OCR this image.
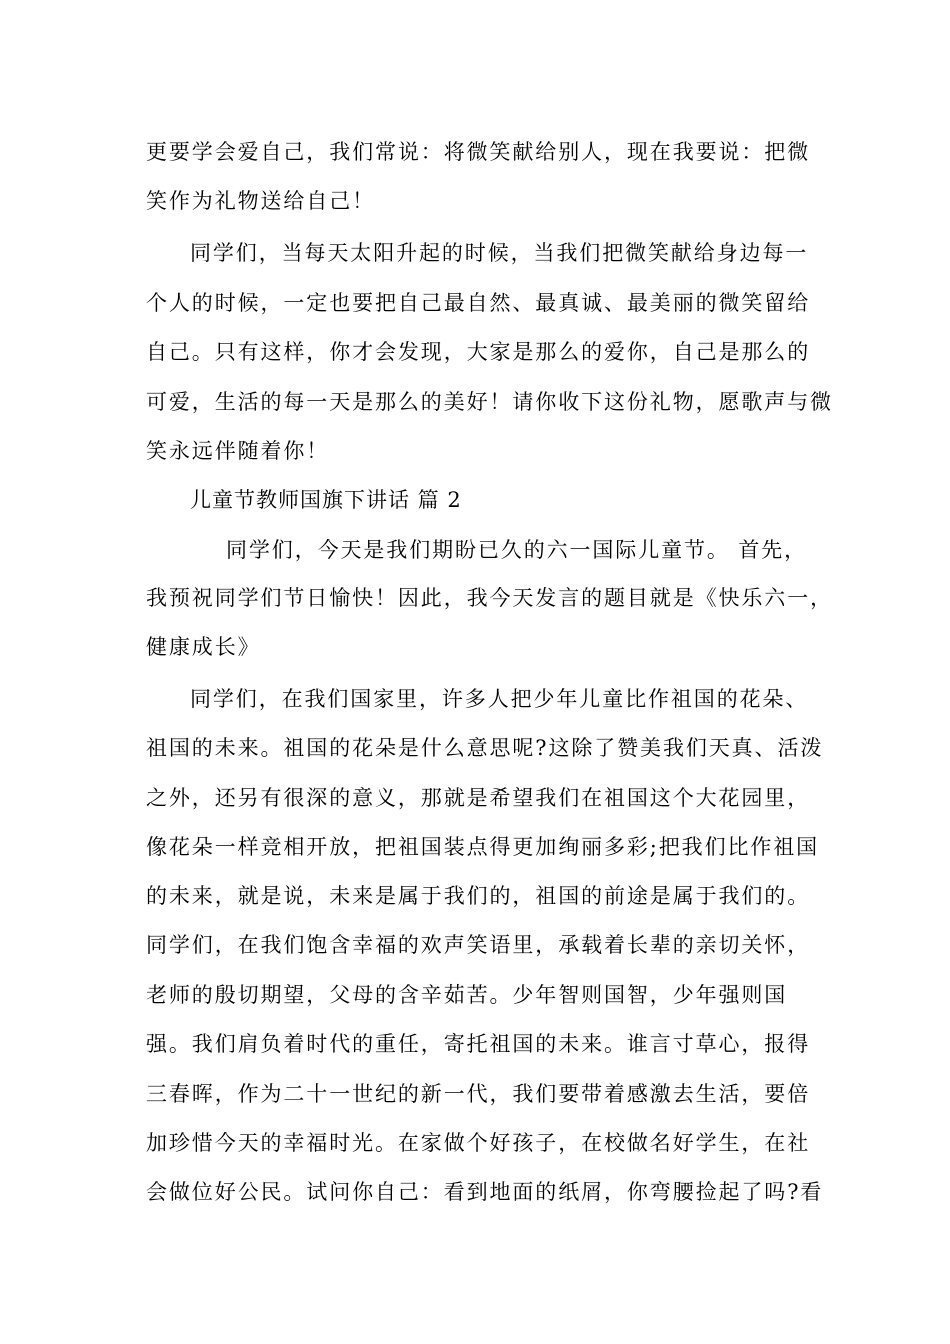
更要学会爱自己，我们常说：将微笑献给别人，现在我要说：把微
笑作为礼物送给自己！
同学们，当每天太阳升起的时候，当我们把微笑献给身边每一
个人的时候，一定也要把自己最自然、最真诚、最美丽的微笑留给
自己。只有这样，你才会发现，大家是那么的爱你，自己是那么的
可爱，生活的每一天是那么的美好！请你收下这份礼物，愿歌声与微
笑永远伴随着你！
儿童节教师国旗下讲话 篇 2
同学们，今天是我们期盼已久的六一国际儿童节。 首先，
我预祝同学们节日愉快！因此，我今天发言的题目就是《快乐六一，
健康成长》
同学们，在我们国家里，许多人把少年儿童比作祖国的花朵、
祖国的未来。祖国的花朵是什么意思呢?这除了赞美我们天真、活泼
之外，还另有很深的意义，那就是希望我们在祖国这个大花园里，
像花朵一样竞相开放，把祖国装点得更加绚丽多彩;把我们比作祖国
的未来，就是说，未来是属于我们的，祖国的前途是属于我们的。
同学们，在我们饱含幸福的欢声笑语里，承载着长辈的亲切关怀，
老师的殷切期望，父母的含辛茹苦。少年智则国智，少年强则国
强。我们肩负着时代的重任，寄托祖国的未来。谁言寸草心，报得
三春晖，作为二十一世纪的新一代，我们要带着感激去生活，要倍
加珍惜今天的幸福时光。在家做个好孩子，在校做名好学生，在社
会做位好公民。试问你自己：看到地面的纸屑，你弯腰捡起了吗?看
